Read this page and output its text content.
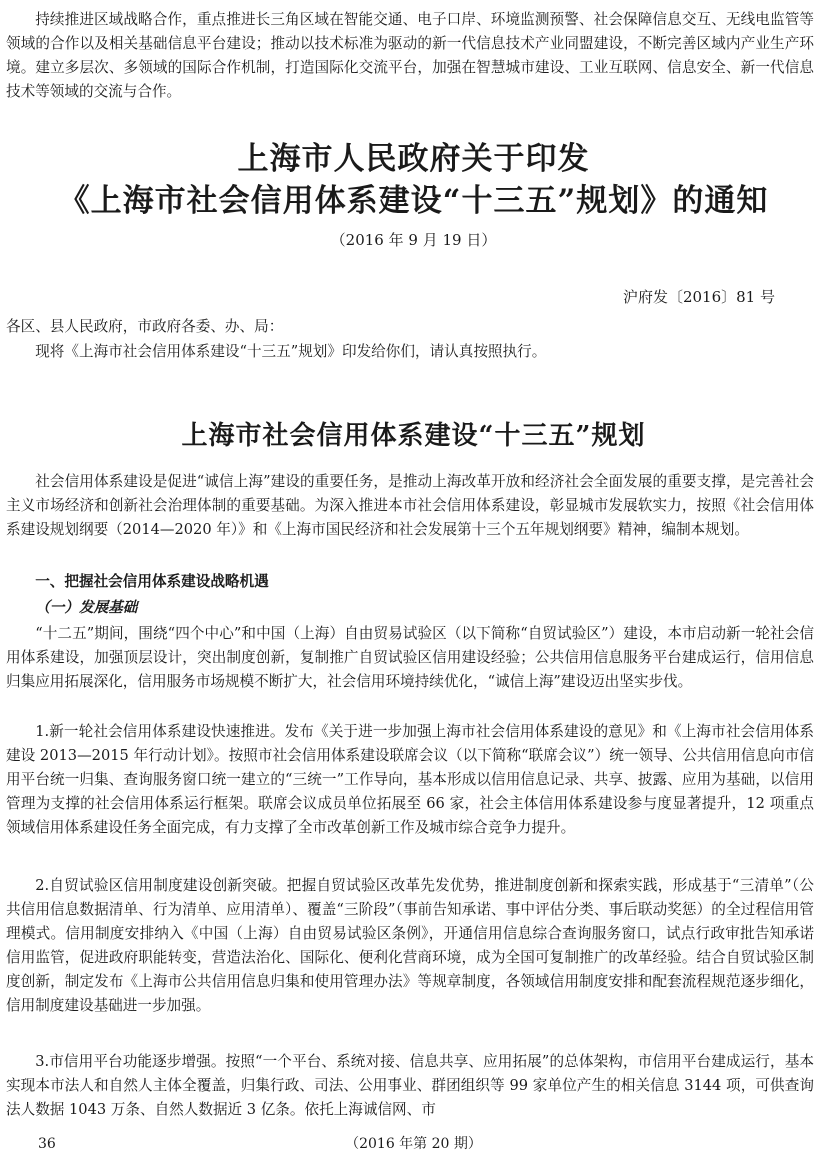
持续推进区域战略合作，重点推进长三角区域在智能交通、电子口岸、环境监测预警、社会保障信息交互、无线电监管等领域的合作以及相关基础信息平台建设；推动以技术标准为驱动的新一代信息技术产业同盟建设，不断完善区域内产业生产环境。建立多层次、多领域的国际合作机制，打造国际化交流平台，加强在智慧城市建设、工业互联网、信息安全、新一代信息技术等领域的交流与合作。

上海市人民政府关于印发
《上海市社会信用体系建设“十三五”规划》的通知
（2016 年 9 月 19 日）
沪府发〔2016〕81 号
各区、县人民政府，市政府各委、办、局：
现将《上海市社会信用体系建设“十三五”规划》印发给你们，请认真按照执行。
上海市社会信用体系建设“十三五”规划

社会信用体系建设是促进“诚信上海”建设的重要任务，是推动上海改革开放和经济社会全面发展的重要支撑，是完善社会主义市场经济和创新社会治理体制的重要基础。为深入推进本市社会信用体系建设，彰显城市发展软实力，按照《社会信用体系建设规划纲要（2014—2020 年）》和《上海市国民经济和社会发展第十三个五年规划纲要》精神，编制本规划。

一、把握社会信用体系建设战略机遇
（一）发展基础

“十二五”期间，围绕“四个中心”和中国（上海）自由贸易试验区（以下简称“自贸试验区”）建设，本市启动新一轮社会信用体系建设，加强顶层设计，突出制度创新，复制推广自贸试验区信用建设经验；公共信用信息服务平台建成运行，信用信息归集应用拓展深化，信用服务市场规模不断扩大，社会信用环境持续优化，“诚信上海”建设迈出坚实步伐。

1.新一轮社会信用体系建设快速推进。发布《关于进一步加强上海市社会信用体系建设的意见》和《上海市社会信用体系建设 2013—2015 年行动计划》。按照市社会信用体系建设联席会议（以下简称“联席会议”）统一领导、公共信用信息向市信用平台统一归集、查询服务窗口统一建立的“三统一”工作导向，基本形成以信用信息记录、共享、披露、应用为基础，以信用管理为支撑的社会信用体系运行框架。联席会议成员单位拓展至 66 家，社会主体信用体系建设参与度显著提升，12 项重点领域信用体系建设任务全面完成，有力支撑了全市改革创新工作及城市综合竞争力提升。

2.自贸试验区信用制度建设创新突破。把握自贸试验区改革先发优势，推进制度创新和探索实践，形成基于“三清单”（公共信用信息数据清单、行为清单、应用清单）、覆盖“三阶段”（事前告知承诺、事中评估分类、事后联动奖惩）的全过程信用管理模式。信用制度安排纳入《中国（上海）自由贸易试验区条例》，开通信用信息综合查询服务窗口，试点行政审批告知承诺信用监管，促进政府职能转变，营造法治化、国际化、便利化营商环境，成为全国可复制推广的改革经验。结合自贸试验区制度创新，制定发布《上海市公共信用信息归集和使用管理办法》等规章制度，各领域信用制度安排和配套流程规范逐步细化，信用制度建设基础进一步加强。

3.市信用平台功能逐步增强。按照“一个平台、系统对接、信息共享、应用拓展”的总体架构，市信用平台建成运行，基本实现本市法人和自然人主体全覆盖，归集行政、司法、公用事业、群团组织等 99 家单位产生的相关信息 3144 项，可供查询法人数据 1043 万条、自然人数据近 3 亿条。依托上海诚信网、市

36	（2016 年第 20 期）
